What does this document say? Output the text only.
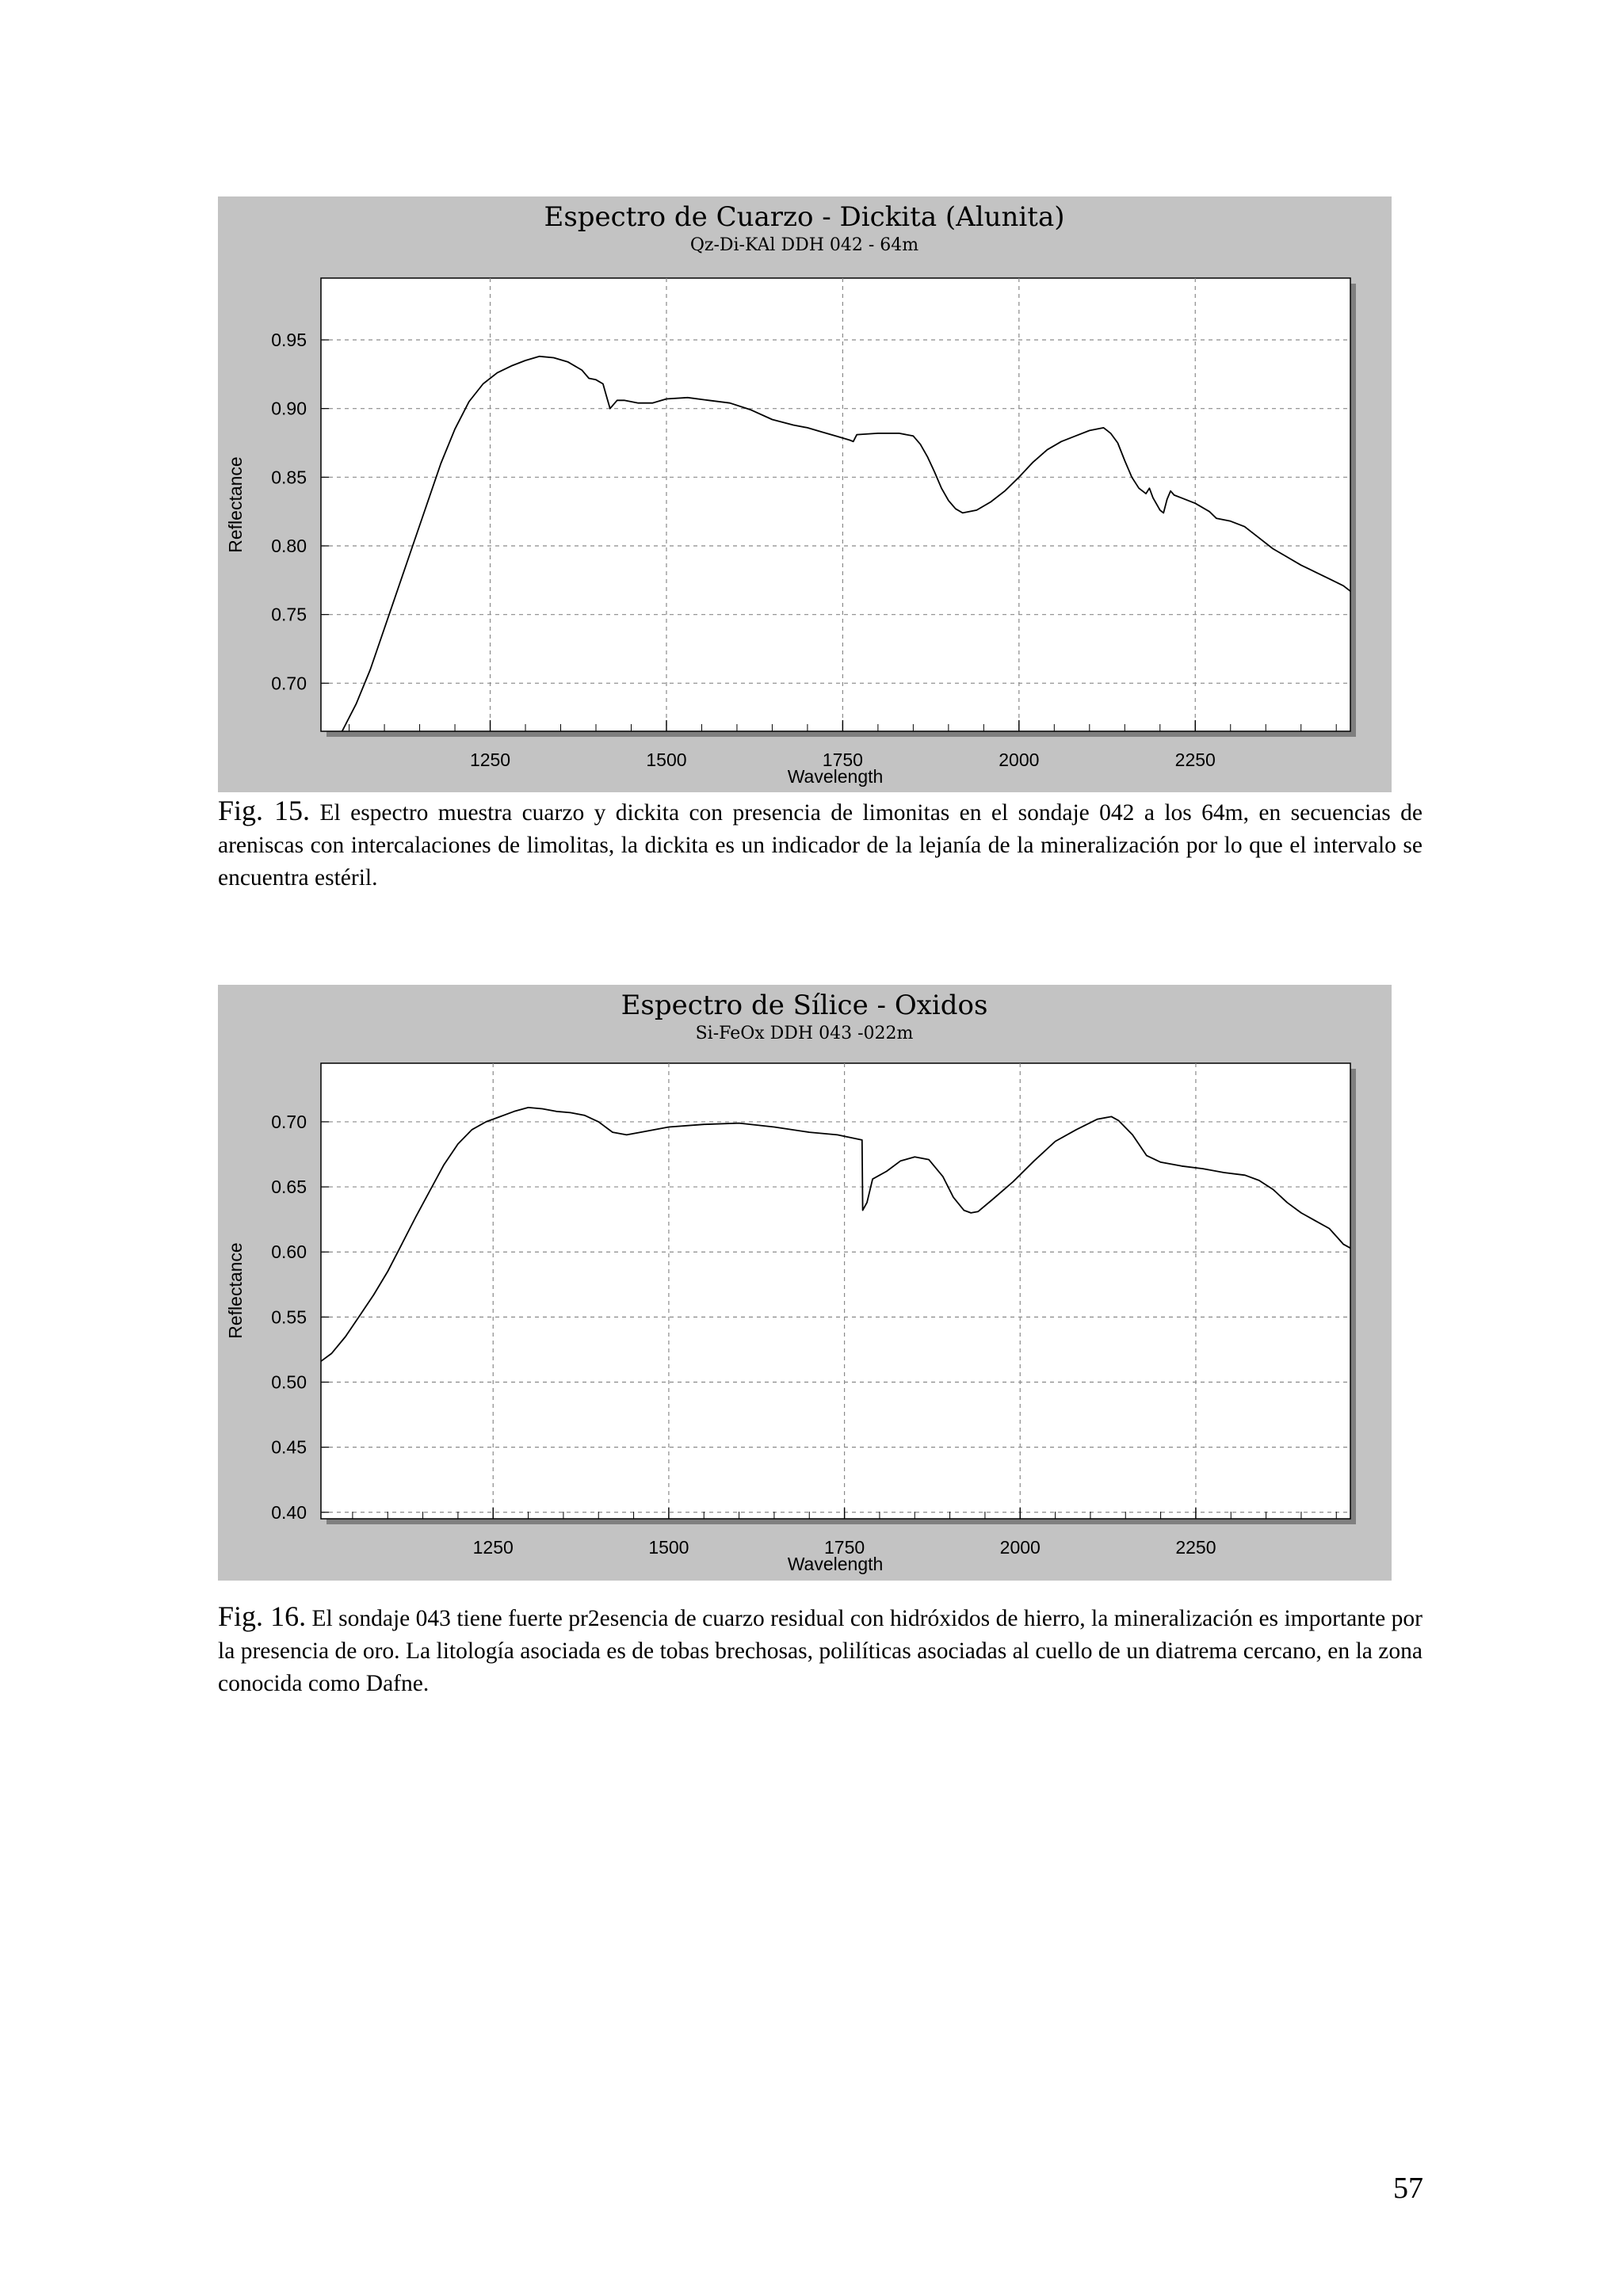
Espectro de Cuarzo - Dickita (Alunita)
Qz-Di-KAl DDH 042 - 64m
0.70
0.75
0.80
0.85
0.90
0.95
1250	1500	1750	2000	2250
Wavelength
Reflectance

Fig. 15. El espectro muestra cuarzo y dickita con presencia de limonitas en el sondaje 042 a los 64m, en secuencias de areniscas con intercalaciones de limolitas, la dickita es un indicador de la lejanía de la mineralización por lo que el intervalo se encuentra estéril.

Espectro de Sílice - Oxidos
Si-FeOx DDH 043 -022m
0.40
0.45
0.50
0.55
0.60
0.65
0.70
1250	1500	1750	2000	2250
Wavelength
Reflectance

Fig. 16. El sondaje 043 tiene fuerte pr2esencia de cuarzo residual con hidróxidos de hierro, la mineralización es importante por la presencia de oro. La litología asociada es de tobas brechosas, polilíticas asociadas al cuello de un diatrema cercano, en la zona conocida como Dafne.

57
